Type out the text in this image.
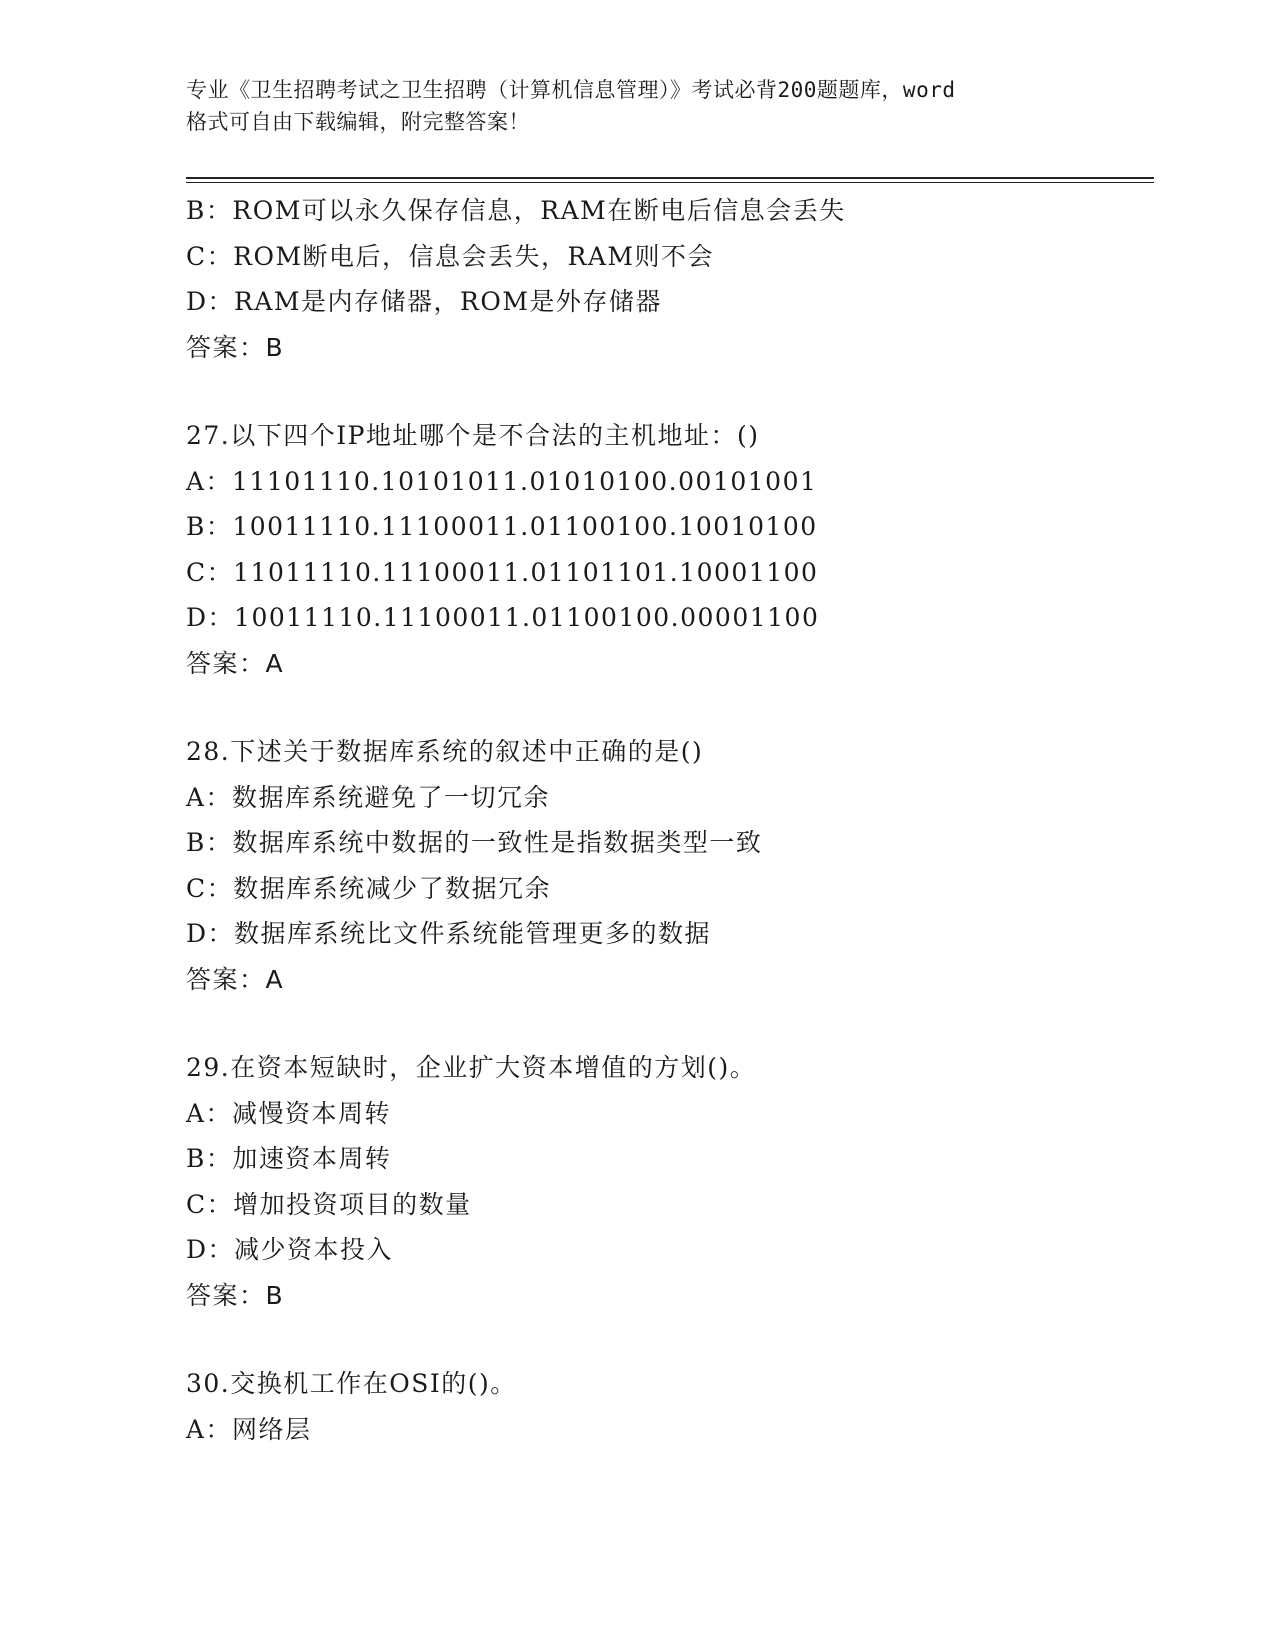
专业《卫生招聘考试之卫生招聘（计算机信息管理）》考试必背200题题库，word
格式可自由下载编辑，附完整答案！
B：ROM可以永久保存信息，RAM在断电后信息会丢失
C：ROM断电后，信息会丢失，RAM则不会
D：RAM是内存储器，ROM是外存储器
答案：B
27.以下四个IP地址哪个是不合法的主机地址：()
A：11101110.10101011.01010100.00101001
B：10011110.11100011.01100100.10010100
C：11011110.11100011.01101101.10001100
D：10011110.11100011.01100100.00001100
答案：A
28.下述关于数据库系统的叙述中正确的是()
A：数据库系统避免了一切冗余
B：数据库系统中数据的一致性是指数据类型一致
C：数据库系统减少了数据冗余
D：数据库系统比文件系统能管理更多的数据
答案：A
29.在资本短缺时，企业扩大资本增值的方划()。
A：减慢资本周转
B：加速资本周转
C：增加投资项目的数量
D：减少资本投入
答案：B
30.交换机工作在OSI的()。
A：网络层
